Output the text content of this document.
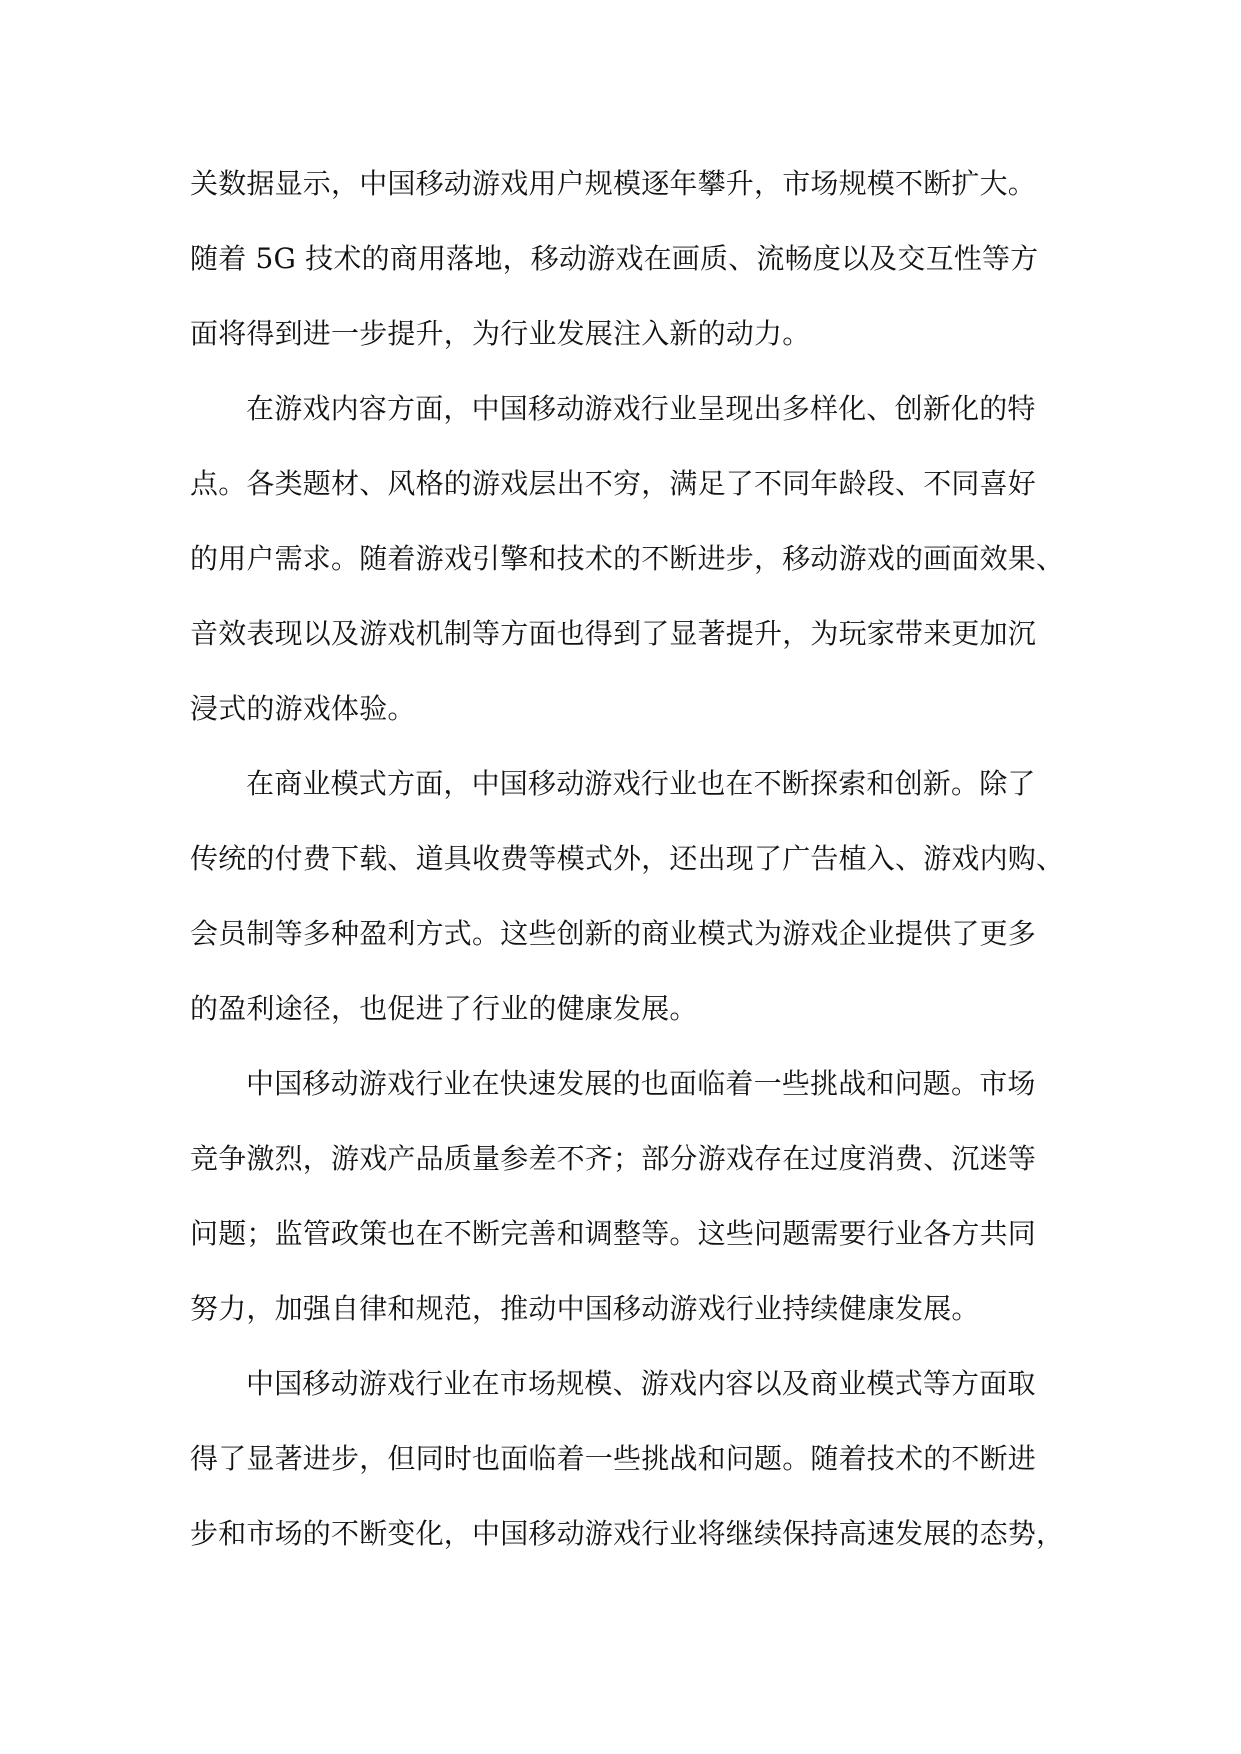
关数据显示，中国移动游戏用户规模逐年攀升，市场规模不断扩大。
随着 5G 技术的商用落地，移动游戏在画质、流畅度以及交互性等方
面将得到进一步提升，为行业发展注入新的动力。
在游戏内容方面，中国移动游戏行业呈现出多样化、创新化的特
点。各类题材、风格的游戏层出不穷，满足了不同年龄段、不同喜好
的用户需求。随着游戏引擎和技术的不断进步，移动游戏的画面效果、
音效表现以及游戏机制等方面也得到了显著提升，为玩家带来更加沉
浸式的游戏体验。
在商业模式方面，中国移动游戏行业也在不断探索和创新。除了
传统的付费下载、道具收费等模式外，还出现了广告植入、游戏内购、
会员制等多种盈利方式。这些创新的商业模式为游戏企业提供了更多
的盈利途径，也促进了行业的健康发展。
中国移动游戏行业在快速发展的也面临着一些挑战和问题。市场
竞争激烈，游戏产品质量参差不齐；部分游戏存在过度消费、沉迷等
问题；监管政策也在不断完善和调整等。这些问题需要行业各方共同
努力，加强自律和规范，推动中国移动游戏行业持续健康发展。
中国移动游戏行业在市场规模、游戏内容以及商业模式等方面取
得了显著进步，但同时也面临着一些挑战和问题。随着技术的不断进
步和市场的不断变化，中国移动游戏行业将继续保持高速发展的态势，
